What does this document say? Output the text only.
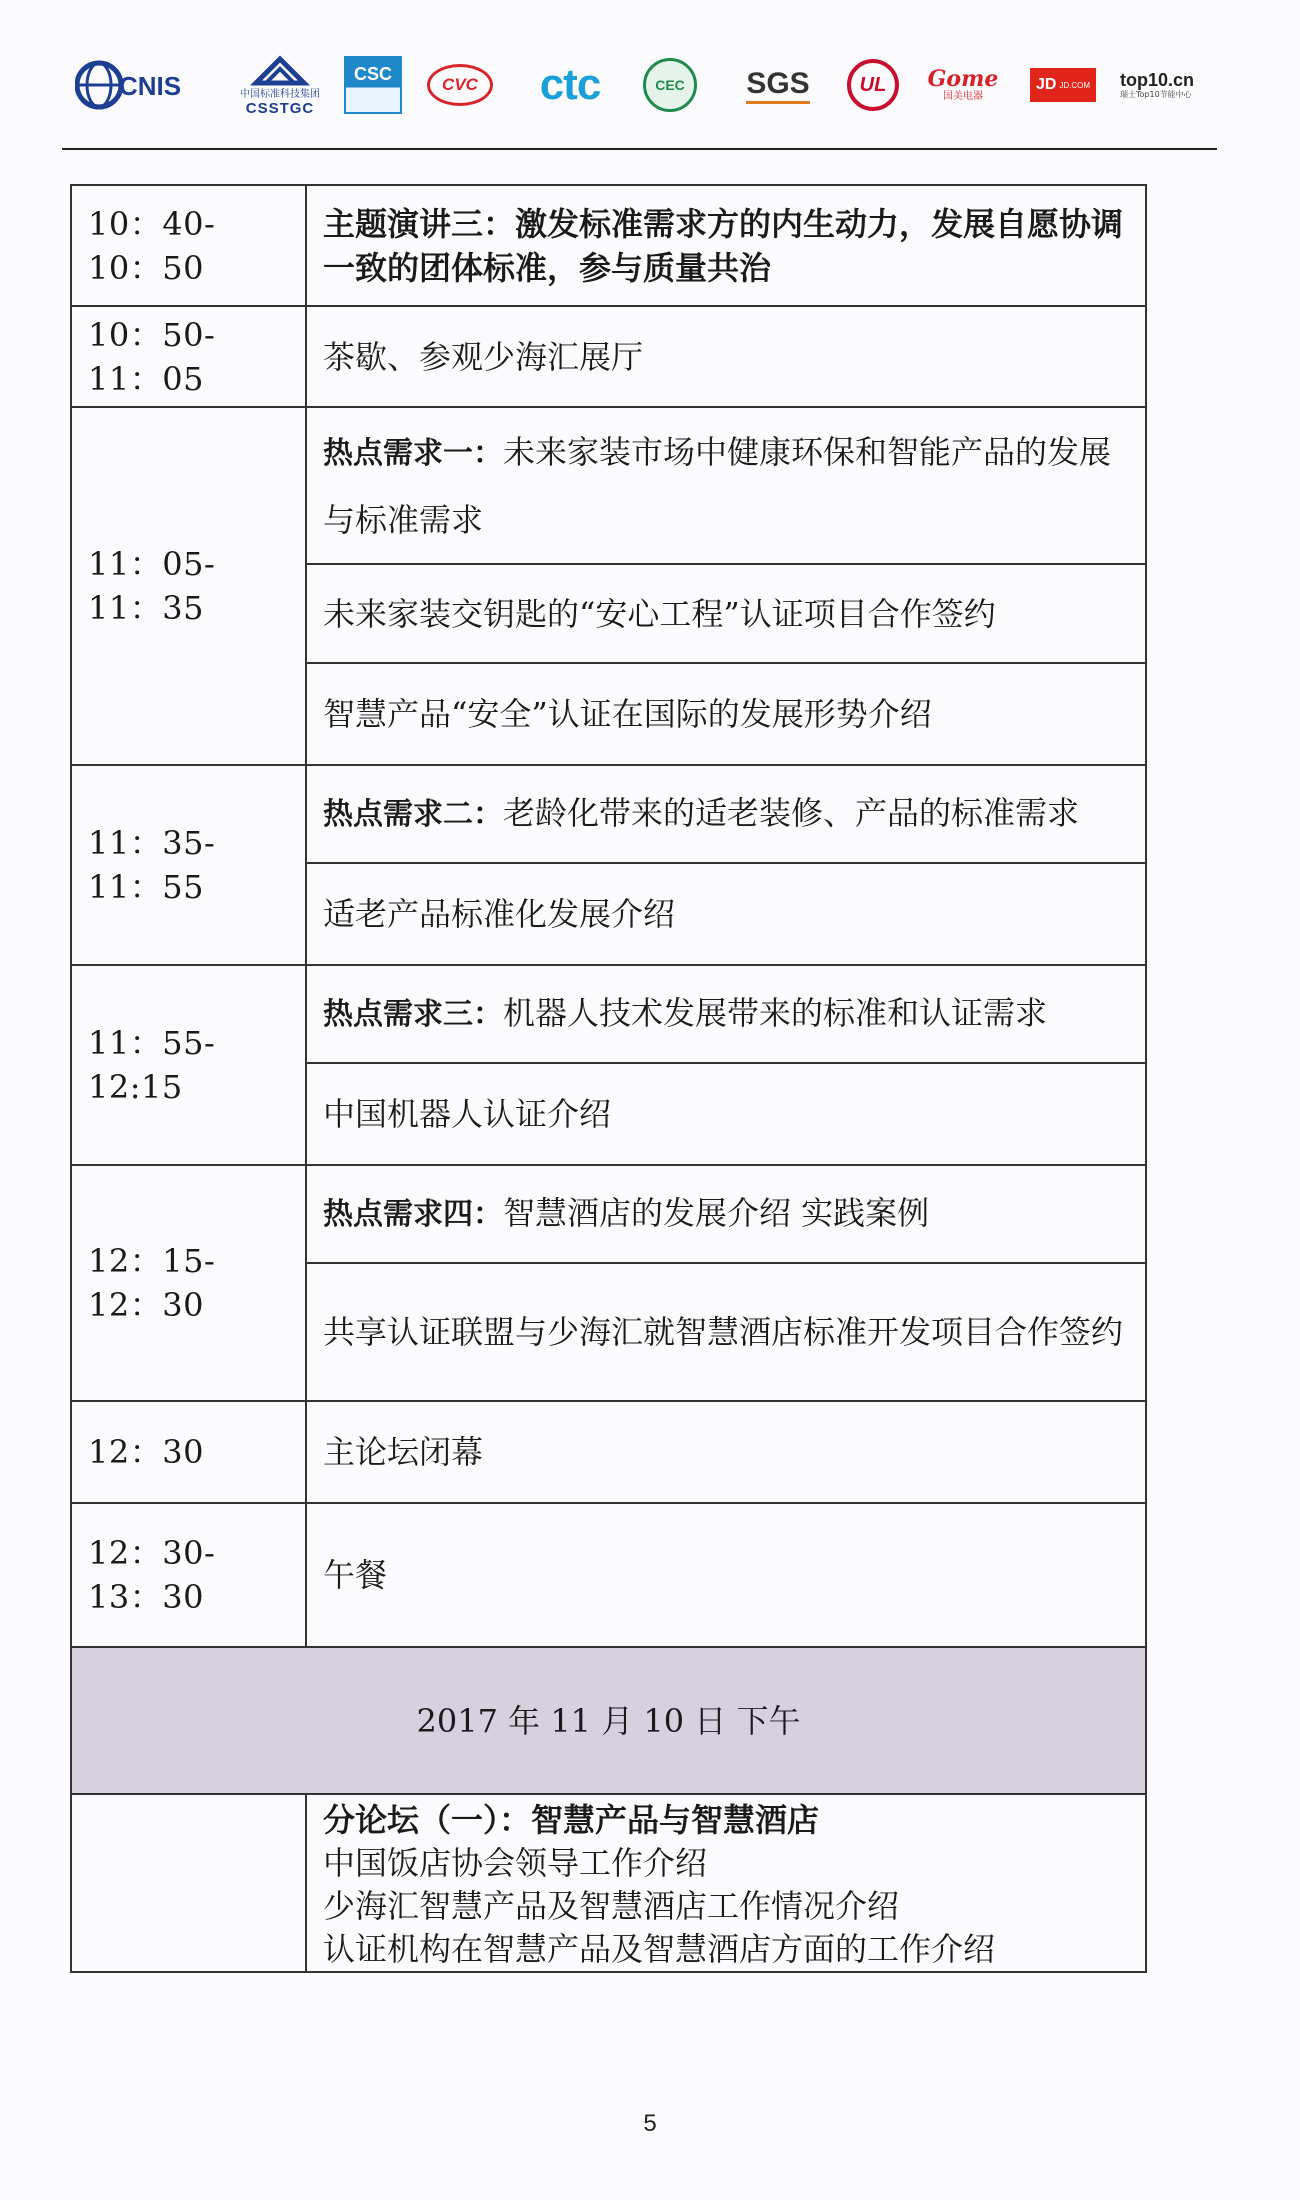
CNIS	中国标准科技集团
CSSTGC
CSC
CVC ctc	CEC SGS UL Gome
国美电器
JD JD.COM top10.cn
瑞士Top10节能中心
10：40-10：50	主题演讲三：激发标准需求方的内生动力，发展自愿协调一致的团体标准，参与质量共治
10：50-11：05	茶歇、参观少海汇展厅
11：05-11：35	热点需求一：未来家装市场中健康环保和智能产品的发展与标准需求
	未来家装交钥匙的“安心工程”认证项目合作签约
	智慧产品“安全”认证在国际的发展形势介绍
11：35-11：55	热点需求二：老龄化带来的适老装修、产品的标准需求
	适老产品标准化发展介绍
11：55-12:15	热点需求三：机器人技术发展带来的标准和认证需求
	中国机器人认证介绍
12：15-12：30	热点需求四：智慧酒店的发展介绍 实践案例
	共享认证联盟与少海汇就智慧酒店标准开发项目合作签约
12：30	主论坛闭幕
12：30-13：30	午餐
2017 年 11 月 10 日 下午	

	分论坛（一）：智慧产品与智慧酒店
中国饭店协会领导工作介绍
少海汇智慧产品及智慧酒店工作情况介绍
认证机构在智慧产品及智慧酒店方面的工作介绍
5
